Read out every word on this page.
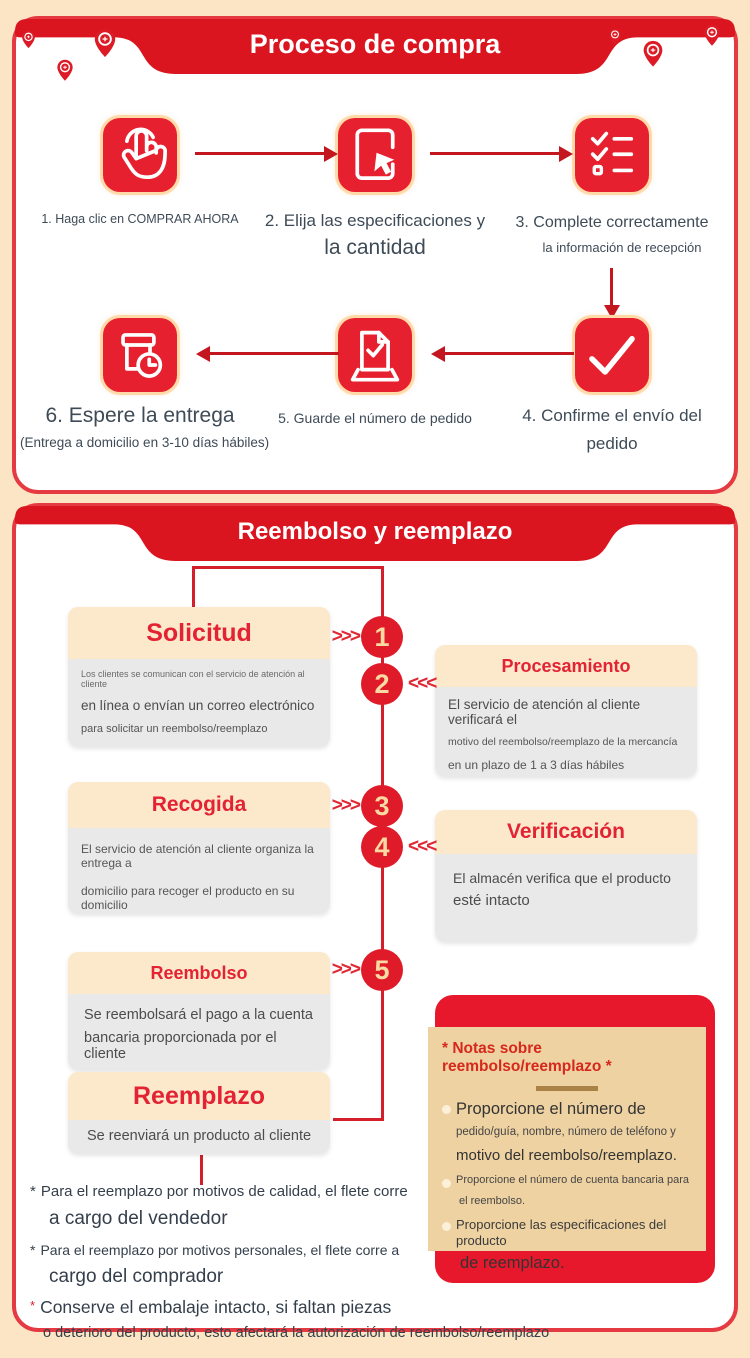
Proceso de compra
1. Haga clic en COMPRAR AHORA	2. Elija las especificaciones y
la cantidad
3. Complete correctamente
la información de recepción
6. Espere la entrega
(Entrega a domicilio en 3-10 días hábiles)
5. Guarde el número de pedido	4. Confirme el envío del
pedido
Reembolso y reemplazo
Solicitud
Los clientes se comunican con el servicio de atención al cliente
en línea o envían un correo electrónico
para solicitar un reembolso/reemplazo
Procesamiento
El servicio de atención al cliente verificará el
motivo del reembolso/reemplazo de la mercancía
en un plazo de 1 a 3 días hábiles
Recogida
El servicio de atención al cliente organiza la entrega a
domicilio para recoger el producto en su domicilio
Verificación
El almacén verifica que el producto
esté intacto
Reembolso
Se reembolsará el pago a la cuenta
bancaria proporcionada por el cliente
Reemplazo
Se reenviará un producto al cliente
>>> 1
2 <<<
>>> 3
4 <<<
>>> 5
* Notas sobre reembolso/reemplazo *
Proporcione el número de
pedido/guía, nombre, número de teléfono y
motivo del reembolso/reemplazo.
Proporcione el número de cuenta bancaria para
el reembolso.
Proporcione las especificaciones del producto
de reemplazo.
* Para el reemplazo por motivos de calidad, el flete corre
a cargo del vendedor
* Para el reemplazo por motivos personales, el flete corre a
cargo del comprador
* Conserve el embalaje intacto, si faltan piezas
o deterioro del producto, esto afectará la autorización de reembolso/reemplazo
